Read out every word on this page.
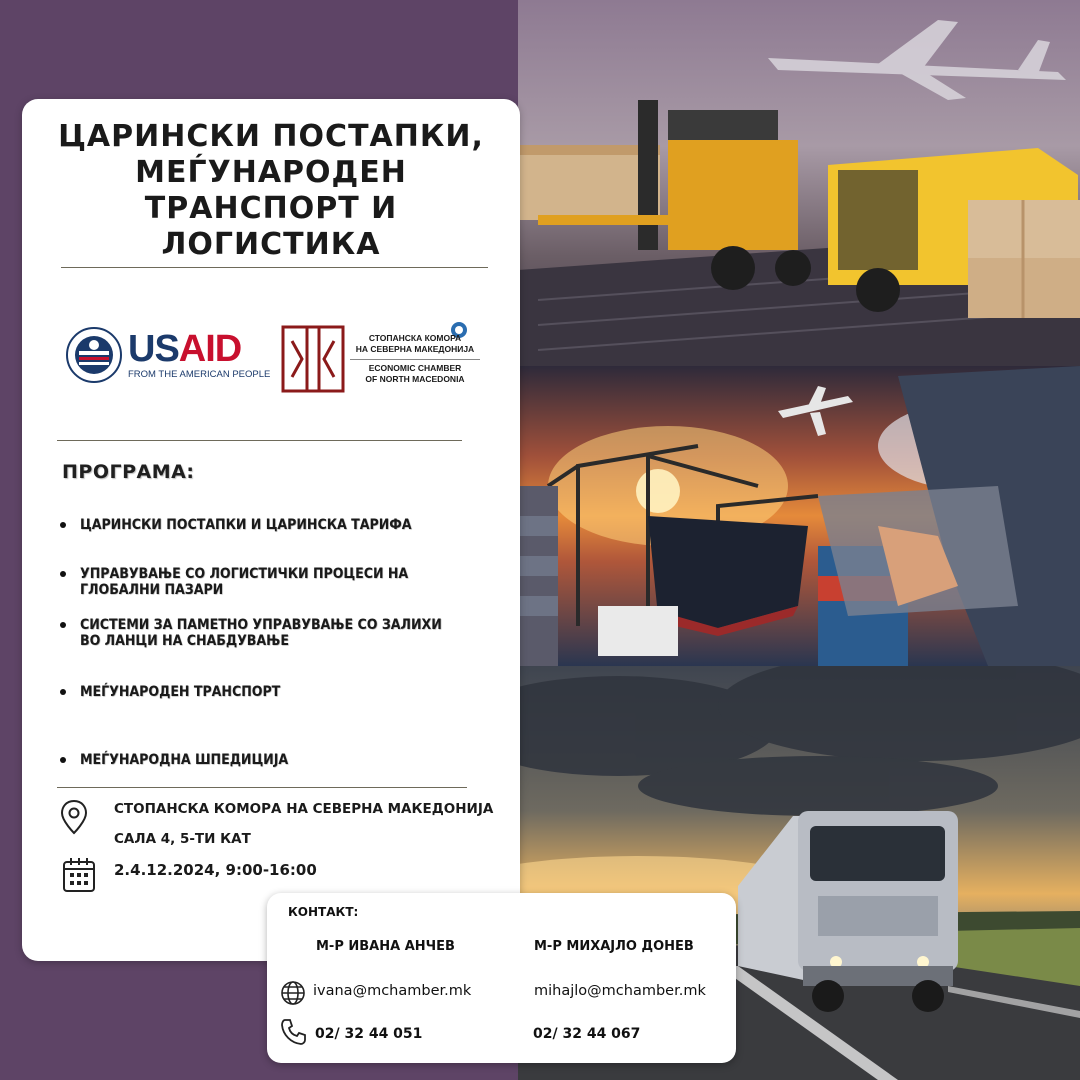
ЦАРИНСКИ ПОСТАПКИ,
МЕЃУНАРОДЕН
ТРАНСПОРТ И
ЛОГИСТИКА
USAID
FROM THE AMERICAN PEOPLE
СТОПАНСКА КОМОРА
НА СЕВЕРНА МАКЕДОНИЈА
ECONOMIC CHAMBER
OF NORTH MACEDONIA
ПРОГРАМА:
ЦАРИНСКИ ПОСТАПКИ И ЦАРИНСКА ТАРИФА
УПРАВУВАЊЕ СО ЛОГИСТИЧКИ ПРОЦЕСИ НА
ГЛОБАЛНИ ПАЗАРИ
СИСТЕМИ ЗА ПАМЕТНО УПРАВУВАЊЕ СО ЗАЛИХИ
ВО ЛАНЦИ НА СНАБДУВАЊЕ
МЕЃУНАРОДЕН ТРАНСПОРТ
МЕЃУНАРОДНА ШПЕДИЦИЈА
СТОПАНСКА КОМОРА НА СЕВЕРНА МАКЕДОНИЈА
САЛА 4, 5-ТИ КАТ
2.4.12.2024, 9:00-16:00
КОНТАКТ:
М-Р ИВАНА АНЧЕВ	М-Р МИХАЈЛО ДОНЕВ
ivana@mchamber.mk	mihajlo@mchamber.mk
02/ 32 44 051	02/ 32 44 067
